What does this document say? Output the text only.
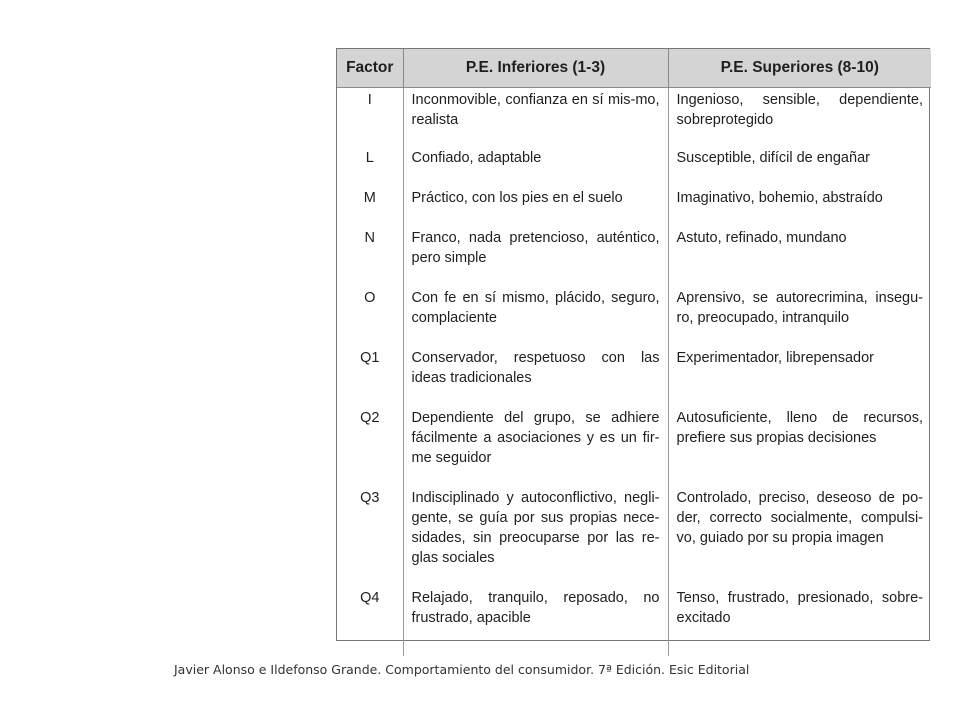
Factor	P.E. Inferiores (1-3)	P.E. Superiores (8-10)
I	Inconmovible, confianza en sí mis-mo, realista	Ingenioso, sensible, dependiente, sobreprotegido
L	Confiado, adaptable	Susceptible, difícil de engañar
M	Práctico, con los pies en el suelo	Imaginativo, bohemio, abstraído
N	Franco, nada pretencioso, auténtico, pero simple	Astuto, refinado, mundano
O	Con fe en sí mismo, plácido, seguro, complaciente	Aprensivo, se autorecrimina, insegu-ro, preocupado, intranquilo
Q1	Conservador, respetuoso con las ideas tradicionales	Experimentador, librepensador
Q2	Dependiente del grupo, se adhiere fácilmente a asociaciones y es un fir-me seguidor	Autosuficiente, lleno de recursos, prefiere sus propias decisiones
Q3	Indisciplinado y autoconflictivo, negli-gente, se guía por sus propias nece-sidades, sin preocuparse por las re-glas sociales	Controlado, preciso, deseoso de po-der, correcto socialmente, compulsi-vo, guiado por su propia imagen
Q4	Relajado, tranquilo, reposado, no frustrado, apacible	Tenso, frustrado, presionado, sobre-excitado
Javier Alonso e Ildefonso Grande. Comportamiento del consumidor. 7ª Edición. Esic Editorial
